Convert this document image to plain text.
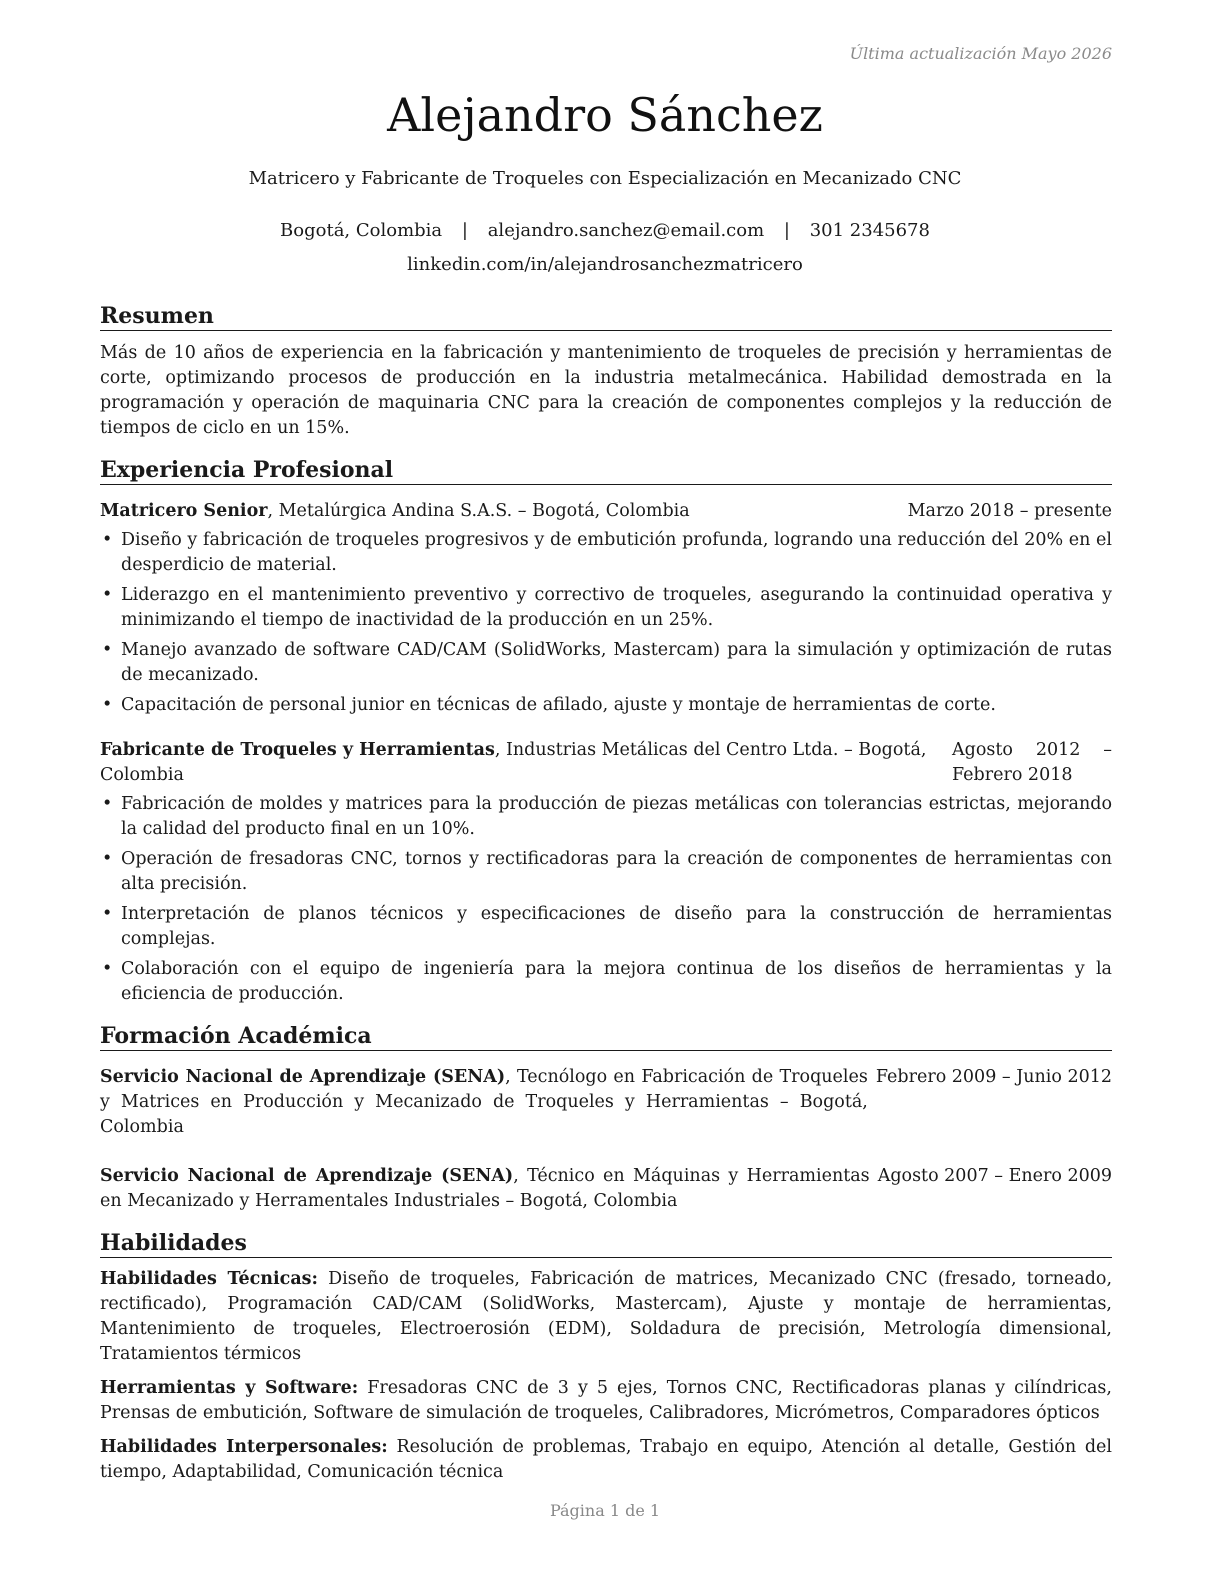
Última actualización Mayo 2026
Alejandro Sánchez
Matricero y Fabricante de Troqueles con Especialización en Mecanizado CNC
Bogotá, Colombia | alejandro.sanchez@email.com | 301 2345678
linkedin.com/in/alejandrosanchezmatricero
Resumen

Más de 10 años de experiencia en la fabricación y mantenimiento de troqueles de precisión y herramientas de corte, optimizando procesos de producción en la industria metalmecánica. Habilidad demostrada en la programación y operación de maquinaria CNC para la creación de componentes complejos y la reducción de tiempos de ciclo en un 15%.

Experiencia Profesional
Matricero Senior, Metalúrgica Andina S.A.S. – Bogotá, Colombia	Marzo 2018 – presente
• Diseño y fabricación de troqueles progresivos y de embutición profunda, logrando una reducción del 20% en el desperdicio de material.
• Liderazgo en el mantenimiento preventivo y correctivo de troqueles, asegurando la continuidad operativa y minimizando el tiempo de inactividad de la producción en un 25%.
• Manejo avanzado de software CAD/CAM (SolidWorks, Mastercam) para la simulación y optimización de rutas de mecanizado.
• Capacitación de personal junior en técnicas de afilado, ajuste y montaje de herramientas de corte.
Fabricante de Troqueles y Herramientas, Industrias Metálicas del Centro Ltda. – Bogotá, Colombia
Agosto 2012 – Febrero 2018
• Fabricación de moldes y matrices para la producción de piezas metálicas con tolerancias estrictas, mejorando la calidad del producto final en un 10%.
• Operación de fresadoras CNC, tornos y rectificadoras para la creación de componentes de herramientas con alta precisión.
• Interpretación de planos técnicos y especificaciones de diseño para la construcción de herramientas complejas.
• Colaboración con el equipo de ingeniería para la mejora continua de los diseños de herramientas y la eficiencia de producción.
Formación Académica
Servicio Nacional de Aprendizaje (SENA), Tecnólogo en Fabricación de Troqueles y Matrices en Producción y Mecanizado de Troqueles y Herramientas – Bogotá, Colombia
Febrero 2009 – Junio 2012
Servicio Nacional de Aprendizaje (SENA), Técnico en Máquinas y Herramientas en Mecanizado y Herramentales Industriales – Bogotá, Colombia
Agosto 2007 – Enero 2009
Habilidades
Habilidades Técnicas: Diseño de troqueles, Fabricación de matrices, Mecanizado CNC (fresado, torneado, rectificado), Programación CAD/CAM (SolidWorks, Mastercam), Ajuste y montaje de herramientas, Mantenimiento de troqueles, Electroerosión (EDM), Soldadura de precisión, Metrología dimensional, Tratamientos térmicos
Herramientas y Software: Fresadoras CNC de 3 y 5 ejes, Tornos CNC, Rectificadoras planas y cilíndricas, Prensas de embutición, Software de simulación de troqueles, Calibradores, Micrómetros, Comparadores ópticos
Habilidades Interpersonales: Resolución de problemas, Trabajo en equipo, Atención al detalle, Gestión del tiempo, Adaptabilidad, Comunicación técnica
Página 1 de 1
